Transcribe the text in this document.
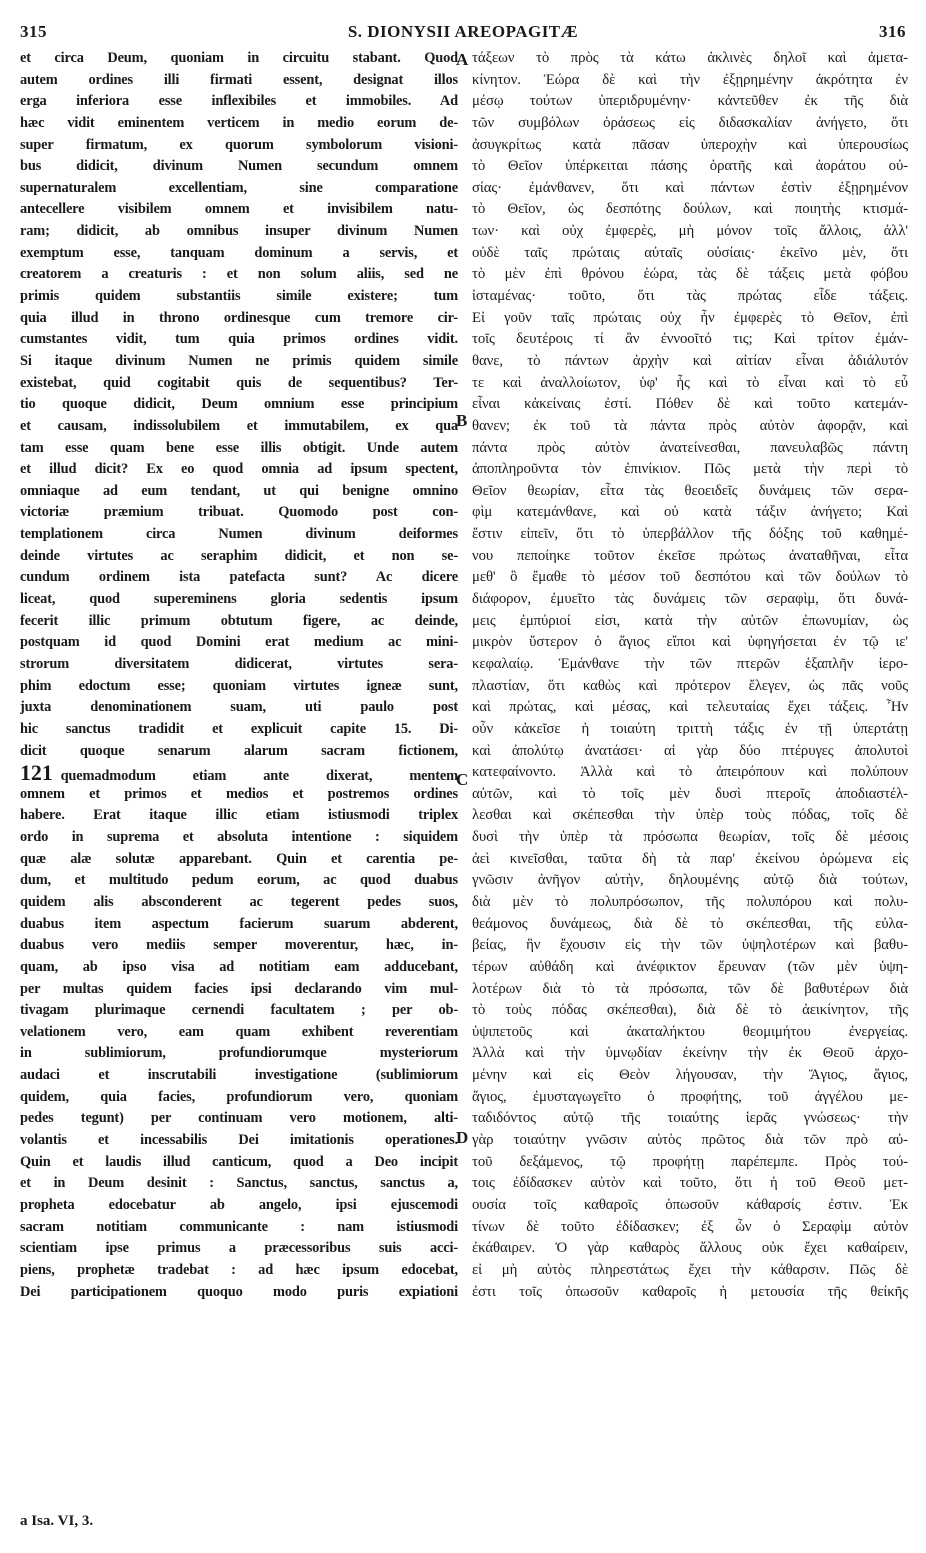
315	S. DIONYSII AREOPAGITÆ	316
et circa Deum, quoniam in circuitu stabant. Quod
autem ordines illi firmati essent, designat illos
erga inferiora esse inflexibiles et immobiles. Ad
hæc vidit eminentem verticem in medio eorum de-
super firmatum, ex quorum symbolorum visioni-
bus didicit, divinum Numen secundum omnem
supernaturalem excellentiam, sine comparatione
antecellere visibilem omnem et invisibilem natu-
ram; didicit, ab omnibus insuper divinum Numen
exemptum esse, tanquam dominum a servis, et
creatorem a creaturis : et non solum aliis, sed ne
primis quidem substantiis simile existere; tum
quia illud in throno ordinesque cum tremore cir-
cumstantes vidit, tum quia primos ordines vidit.
Si itaque divinum Numen ne primis quidem simile
existebat, quid cogitabit quis de sequentibus? Ter-
tio quoque didicit, Deum omnium esse principium
et causam, indissolubilem et immutabilem, ex qua
tam esse quam bene esse illis obtigit. Unde autem
et illud dicit? Ex eo quod omnia ad ipsum spectent,
omniaque ad eum tendant, ut qui benigne omnino
victoriæ præmium tribuat. Quomodo post con-
templationem circa Numen divinum deiformes
deinde virtutes ac seraphim didicit, et non se-
cundum ordinem ista patefacta sunt? Ac dicere
liceat, quod supereminens gloria sedentis ipsum
fecerit illic primum obtutum figere, ac deinde,
postquam id quod Domini erat medium ac mini-
strorum diversitatem didicerat, virtutes sera-
phim edoctum esse; quoniam virtutes igneæ sunt,
juxta denominationem suam, uti paulo post
hic sanctus tradidit et explicuit capite 15. Di-
dicit quoque senarum alarum sacram fictionem,
121 quemadmodum etiam ante dixerat, mentem
omnem et primos et medios et postremos ordines
habere. Erat itaque illic etiam istiusmodi triplex
ordo in suprema et absoluta intentione : siquidem
quæ alæ solutæ apparebant. Quin et carentia pe-
dum, et multitudo pedum eorum, ac quod duabus
quidem alis absconderent ac tegerent pedes suos,
duabus item aspectum facierum suarum abderent,
duabus vero mediis semper moverentur, hæc, in-
quam, ab ipso visa ad notitiam eam adducebant,
per multas quidem facies ipsi declarando vim mul-
tivagam plurimaque cernendi facultatem ; per ob-
velationem vero, eam quam exhibent reverentiam
in sublimiorum, profundiorumque mysteriorum
audaci et inscrutabili investigatione (sublimiorum
quidem, quia facies, profundiorum vero, quoniam
pedes tegunt) per continuam vero motionem, alti-
volantis et incessabilis Dei imitationis operationes.
Quin et laudis illud canticum, quod a Deo incipit
et in Deum desinit : Sanctus, sanctus, sanctus a,
propheta edocebatur ab angelo, ipsi ejuscemodi
sacram notitiam communicante : nam istiusmodi
scientiam ipse primus a præcessoribus suis acci-
piens, prophetæ tradebat : ad hæc ipsum edocebat,
Dei participationem quoquo modo puris expiationi
τάξεων τὸ πρὸς τὰ κάτω ἀκλινὲς δηλοῖ καὶ ἀμετα-
κίνητον. Ἑώρα δὲ καὶ τὴν ἐξῃρημένην ἀκρότητα ἐν
μέσῳ τούτων ὑπεριδρυμένην· κἀντεῦθεν ἐκ τῆς διὰ
τῶν συμβόλων ὁράσεως εἰς διδασκαλίαν ἀνήγετο, ὅτι
ἀσυγκρίτως κατὰ πᾶσαν ὑπεροχὴν καὶ ὑπερουσίως
τὸ Θεῖον ὑπέρκειται πάσης ὁρατῆς καὶ ἀοράτου οὐ-
σίας· ἐμάνθανεν, ὅτι καὶ πάντων ἐστὶν ἐξῃρημένον
τὸ Θεῖον, ὡς δεσπότης δούλων, καὶ ποιητὴς κτισμά-
των· καὶ οὐχ ἐμφερὲς, μὴ μόνον τοῖς ἄλλοις, ἀλλ'
οὐδὲ ταῖς πρώταις αὐταῖς οὐσίαις· ἐκεῖνο μὲν, ὅτι
τὸ μὲν ἐπὶ θρόνου ἑώρα, τὰς δὲ τάξεις μετὰ φόβου
ἱσταμένας· τοῦτο, ὅτι τὰς πρώτας εἶδε τάξεις.
Εἰ γοῦν ταῖς πρώταις οὐχ ἦν ἐμφερὲς τὸ Θεῖον, ἐπὶ
τοῖς δευτέροις τί ἂν ἐννοοῖτό τις; Καὶ τρίτον ἐμάν-
θανε, τὸ πάντων ἀρχὴν καὶ αἰτίαν εἶναι ἀδιάλυτόν
τε καὶ ἀναλλοίωτον, ὑφ' ἧς καὶ τὸ εἶναι καὶ τὸ εὖ
εἶναι κἀκείναις ἐστί. Πόθεν δὲ καὶ τοῦτο κατεμάν-
θανεν; ἐκ τοῦ τὰ πάντα πρὸς αὐτὸν ἀφορᾷν, καὶ
πάντα πρὸς αὐτὸν ἀνατείνεσθαι, πανευλαβῶς πάντη
ἀποπληροῦντα τὸν ἐπινίκιον. Πῶς μετὰ τὴν περὶ τὸ
Θεῖον θεωρίαν, εἶτα τὰς θεοειδεῖς δυνάμεις τῶν σερα-
φὶμ κατεμάνθανε, καὶ οὐ κατὰ τάξιν ἀνήγετο; Καὶ
ἔστιν εἰπεῖν, ὅτι τὸ ὑπερβάλλον τῆς δόξης τοῦ καθημέ-
νου πεποίηκε τοῦτον ἐκεῖσε πρώτως ἀναταθῆναι, εἶτα
μεθ' ὃ ἔμαθε τὸ μέσον τοῦ δεσπότου καὶ τῶν δούλων τὸ
διάφορον, ἐμυεῖτο τὰς δυνάμεις τῶν σεραφὶμ, ὅτι δυνά-
μεις ἐμπύριοί εἰσι, κατὰ τὴν αὐτῶν ἐπωνυμίαν, ὡς
μικρὸν ὕστερον ὁ ἅγιος εἴποι καὶ ὑφηγήσεται ἐν τῷ ιε'
κεφαλαίῳ. Ἐμάνθανε τὴν τῶν πτερῶν ἑξαπλῆν ἱερο-
πλαστίαν, ὅτι καθὼς καὶ πρότερον ἔλεγεν, ὡς πᾶς νοῦς
καὶ πρώτας, καὶ μέσας, καὶ τελευταίας ἔχει τάξεις. Ἦν
οὖν κἀκεῖσε ἡ τοιαύτη τριττὴ τάξις ἐν τῇ ὑπερτάτῃ
καὶ ἀπολύτῳ ἀνατάσει· αἱ γὰρ δύο πτέρυγες ἀπολυτοὶ
κατεφαίνοντο. Ἀλλὰ καὶ τὸ ἀπειρόπουν καὶ πολύπουν
αὐτῶν, καὶ τὸ τοῖς μὲν δυσὶ πτεροῖς ἀποδιαστέλ-
λεσθαι καὶ σκέπεσθαι τὴν ὑπὲρ τοὺς πόδας, τοῖς δὲ
δυσὶ τὴν ὑπὲρ τὰ πρόσωπα θεωρίαν, τοῖς δὲ μέσοις
ἀεὶ κινεῖσθαι, ταῦτα δὴ τὰ παρ' ἐκείνου ὁρώμενα εἰς
γνῶσιν ἀνῆγον αὐτὴν, δηλουμένης αὐτῷ διὰ τούτων,
διὰ μὲν τὸ πολυπρόσωπον, τῆς πολυπόρου καὶ πολυ-
θεάμονος δυνάμεως, διὰ δὲ τὸ σκέπεσθαι, τῆς εὐλα-
βείας, ἣν ἔχουσιν εἰς τὴν τῶν ὑψηλοτέρων καὶ βαθυ-
τέρων αὐθάδη καὶ ἀνέφικτον ἔρευναν (τῶν μὲν ὑψη-
λοτέρων διὰ τὸ τὰ πρόσωπα, τῶν δὲ βαθυτέρων διὰ
τὸ τοὺς πόδας σκέπεσθαι), διὰ δὲ τὸ ἀεικίνητον, τῆς
ὑψιπετοῦς καὶ ἀκαταλήκτου θεομιμήτου ἐνεργείας.
Ἀλλὰ καὶ τὴν ὑμνῳδίαν ἐκείνην τὴν ἐκ Θεοῦ ἀρχο-
μένην καὶ εἰς Θεὸν λήγουσαν, τὴν Ἅγιος, ἅγιος,
ἅγιος, ἐμυσταγωγεῖτο ὁ προφήτης, τοῦ ἀγγέλου με-
ταδιδόντος αὐτῷ τῆς τοιαύτης ἱερᾶς γνώσεως· τὴν
γὰρ τοιαύτην γνῶσιν αὐτὸς πρῶτος διὰ τῶν πρὸ αὐ-
τοῦ δεξάμενος, τῷ προφήτῃ παρέπεμπε. Πρὸς τού-
τοις ἐδίδασκεν αὐτὸν καὶ τοῦτο, ὅτι ἡ τοῦ Θεοῦ μετ-
ουσία τοῖς καθαροῖς ὁπωσοῦν κάθαρσίς ἐστιν. Ἐκ
τίνων δὲ τοῦτο ἐδίδασκεν; ἐξ ὧν ὁ Σεραφὶμ αὐτὸν
ἐκάθαιρεν. Ὁ γὰρ καθαρὸς ἄλλους οὐκ ἔχει καθαίρειν,
εἰ μὴ αὐτὸς πληρεστάτως ἔχει τὴν κάθαρσιν. Πῶς δὲ
ἐστι τοῖς ὁπωσοῦν καθαροῖς ἡ μετουσία τῆς θείκῆς
A
B
C
D
a Isa. VI, 3.
